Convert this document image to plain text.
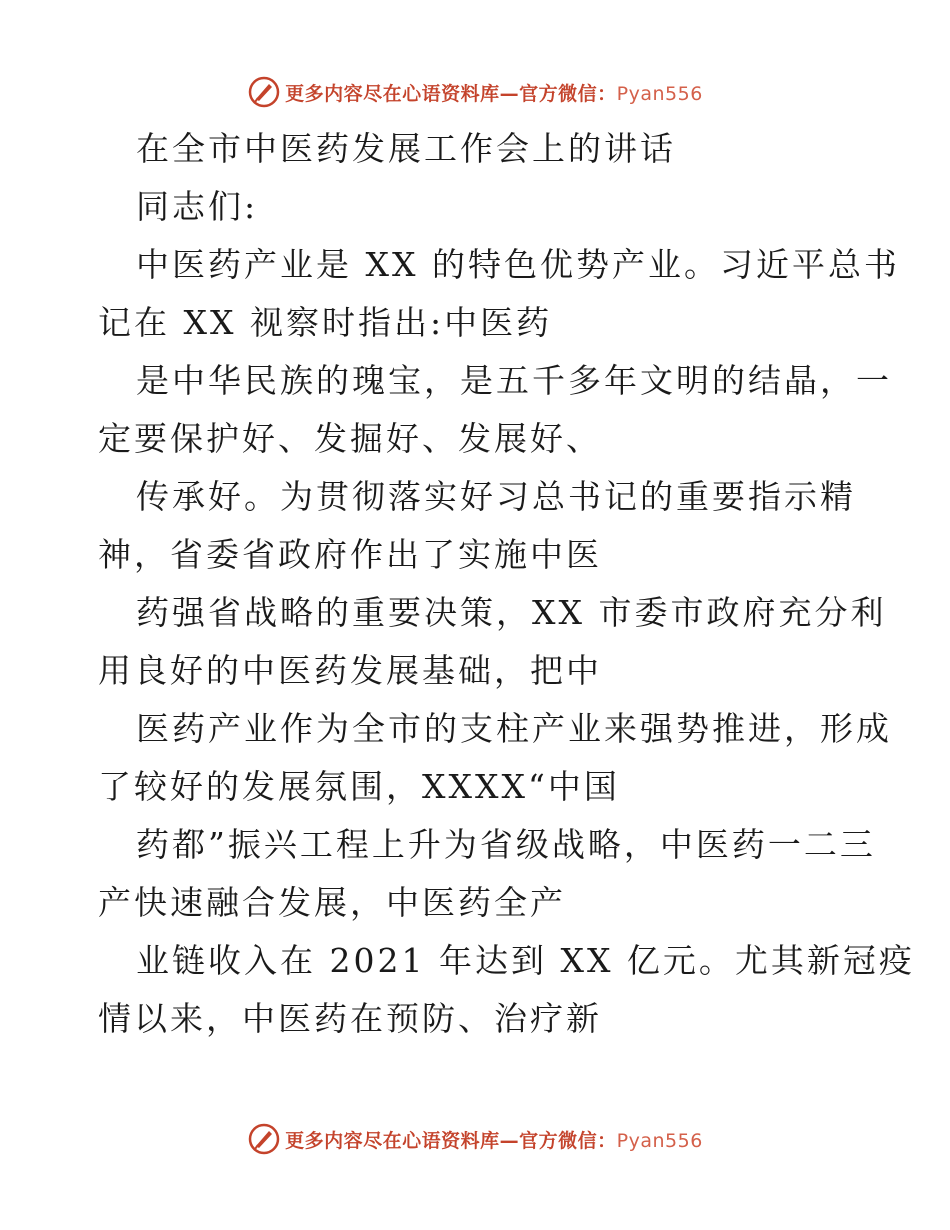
更多内容尽在心语资料库—官方微信：Pyan556
在全市中医药发展工作会上的讲话
同志们:
中医药产业是 XX 的特色优势产业。习近平总书
记在 XX 视察时指出:中医药
是中华民族的瑰宝，是五千多年文明的结晶，一
定要保护好、发掘好、发展好、
传承好。为贯彻落实好习总书记的重要指示精
神，省委省政府作出了实施中医
药强省战略的重要决策，XX 市委市政府充分利
用良好的中医药发展基础，把中
医药产业作为全市的支柱产业来强势推进，形成
了较好的发展氛围，XXXX“中国
药都”振兴工程上升为省级战略，中医药一二三
产快速融合发展，中医药全产
业链收入在 2021 年达到 XX 亿元。尤其新冠疫
情以来，中医药在预防、治疗新
更多内容尽在心语资料库—官方微信：Pyan556
